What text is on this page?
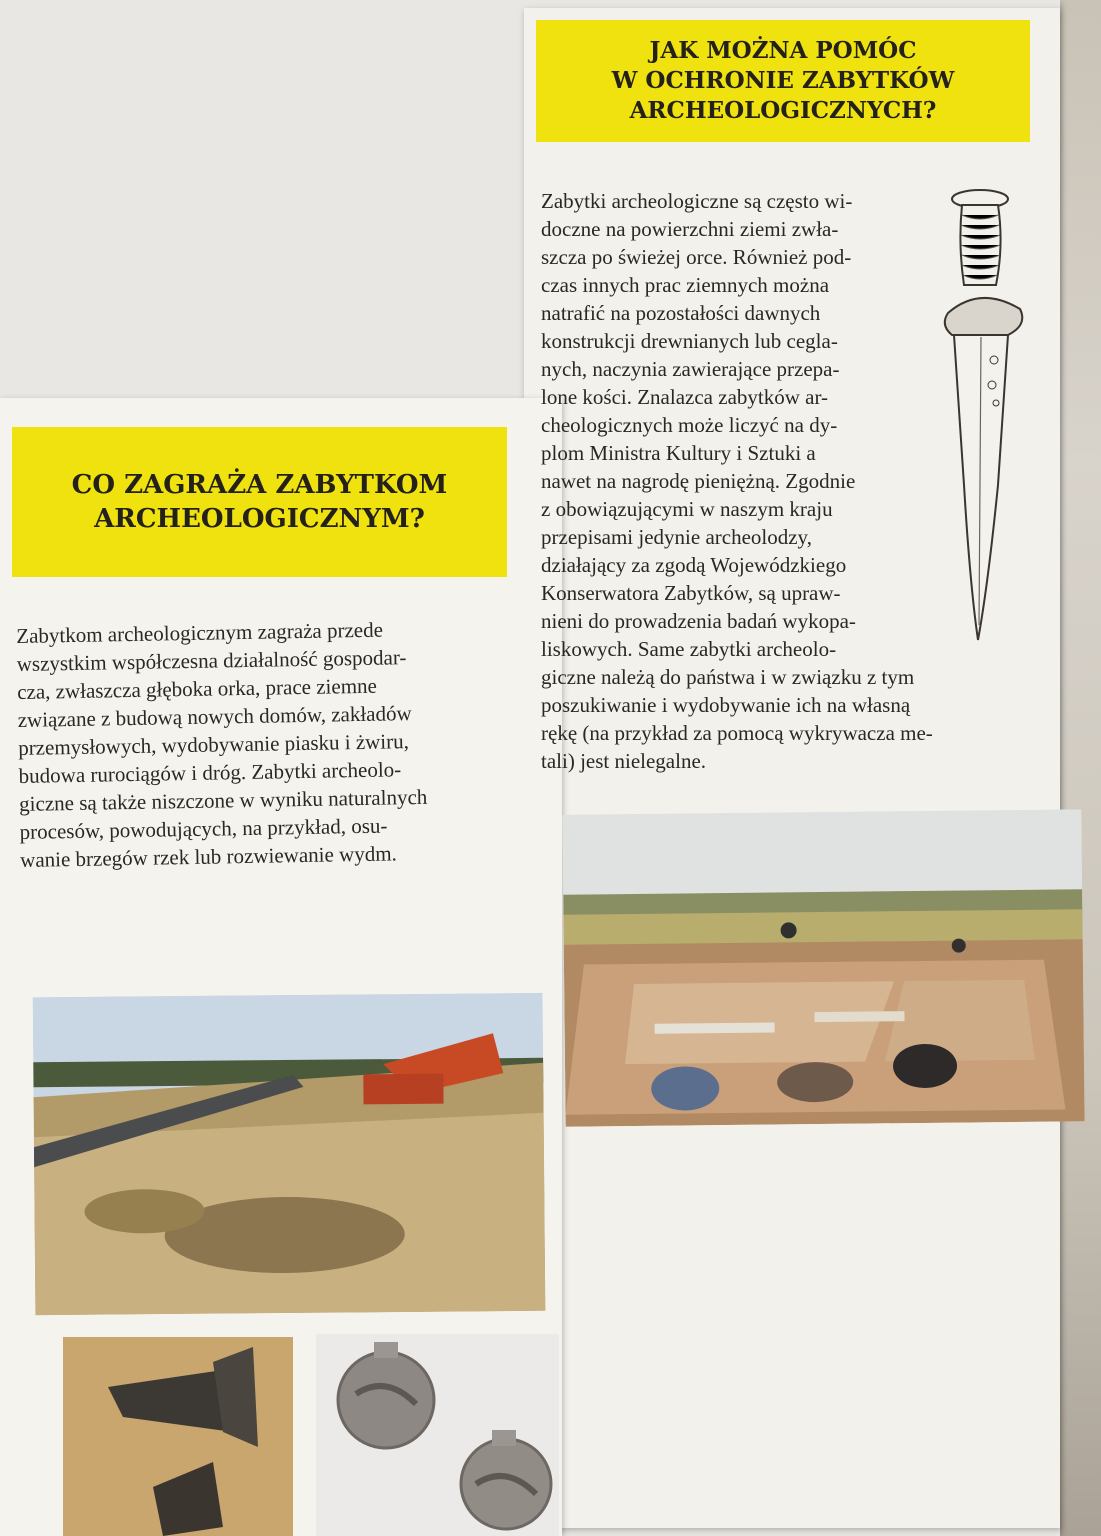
JAK MOŻNA POMÓC
W OCHRONIE ZABYTKÓW
ARCHEOLOGICZNYCH?
Zabytki archeologiczne są często wi-
doczne na powierzchni ziemi zwła-
szcza po świeżej orce. Również pod-
czas innych prac ziemnych można
natrafić na pozostałości dawnych
konstrukcji drewnianych lub cegla-
nych, naczynia zawierające przepa-
lone kości. Znalazca zabytków ar-
cheologicznych może liczyć na dy-
plom Ministra Kultury i Sztuki a
nawet na nagrodę pieniężną. Zgodnie
z obowiązującymi w naszym kraju
przepisami jedynie archeolodzy,
działający za zgodą Wojewódzkiego
Konserwatora Zabytków, są upraw-
nieni do prowadzenia badań wykopa-
liskowych. Same zabytki archeolo-
giczne należą do państwa i w związku z tym
poszukiwanie i wydobywanie ich na własną
rękę (na przykład za pomocą wykrywacza me-
tali) jest nielegalne.
CO ZAGRAŻA ZABYTKOM
ARCHEOLOGICZNYM?
Zabytkom archeologicznym zagraża przede
wszystkim współczesna działalność gospodar-
cza, zwłaszcza głęboka orka, prace ziemne
związane z budową nowych domów, zakładów
przemysłowych, wydobywanie piasku i żwiru,
budowa rurociągów i dróg. Zabytki archeolo-
giczne są także niszczone w wyniku naturalnych
procesów, powodujących, na przykład, osu-
wanie brzegów rzek lub rozwiewanie wydm.
